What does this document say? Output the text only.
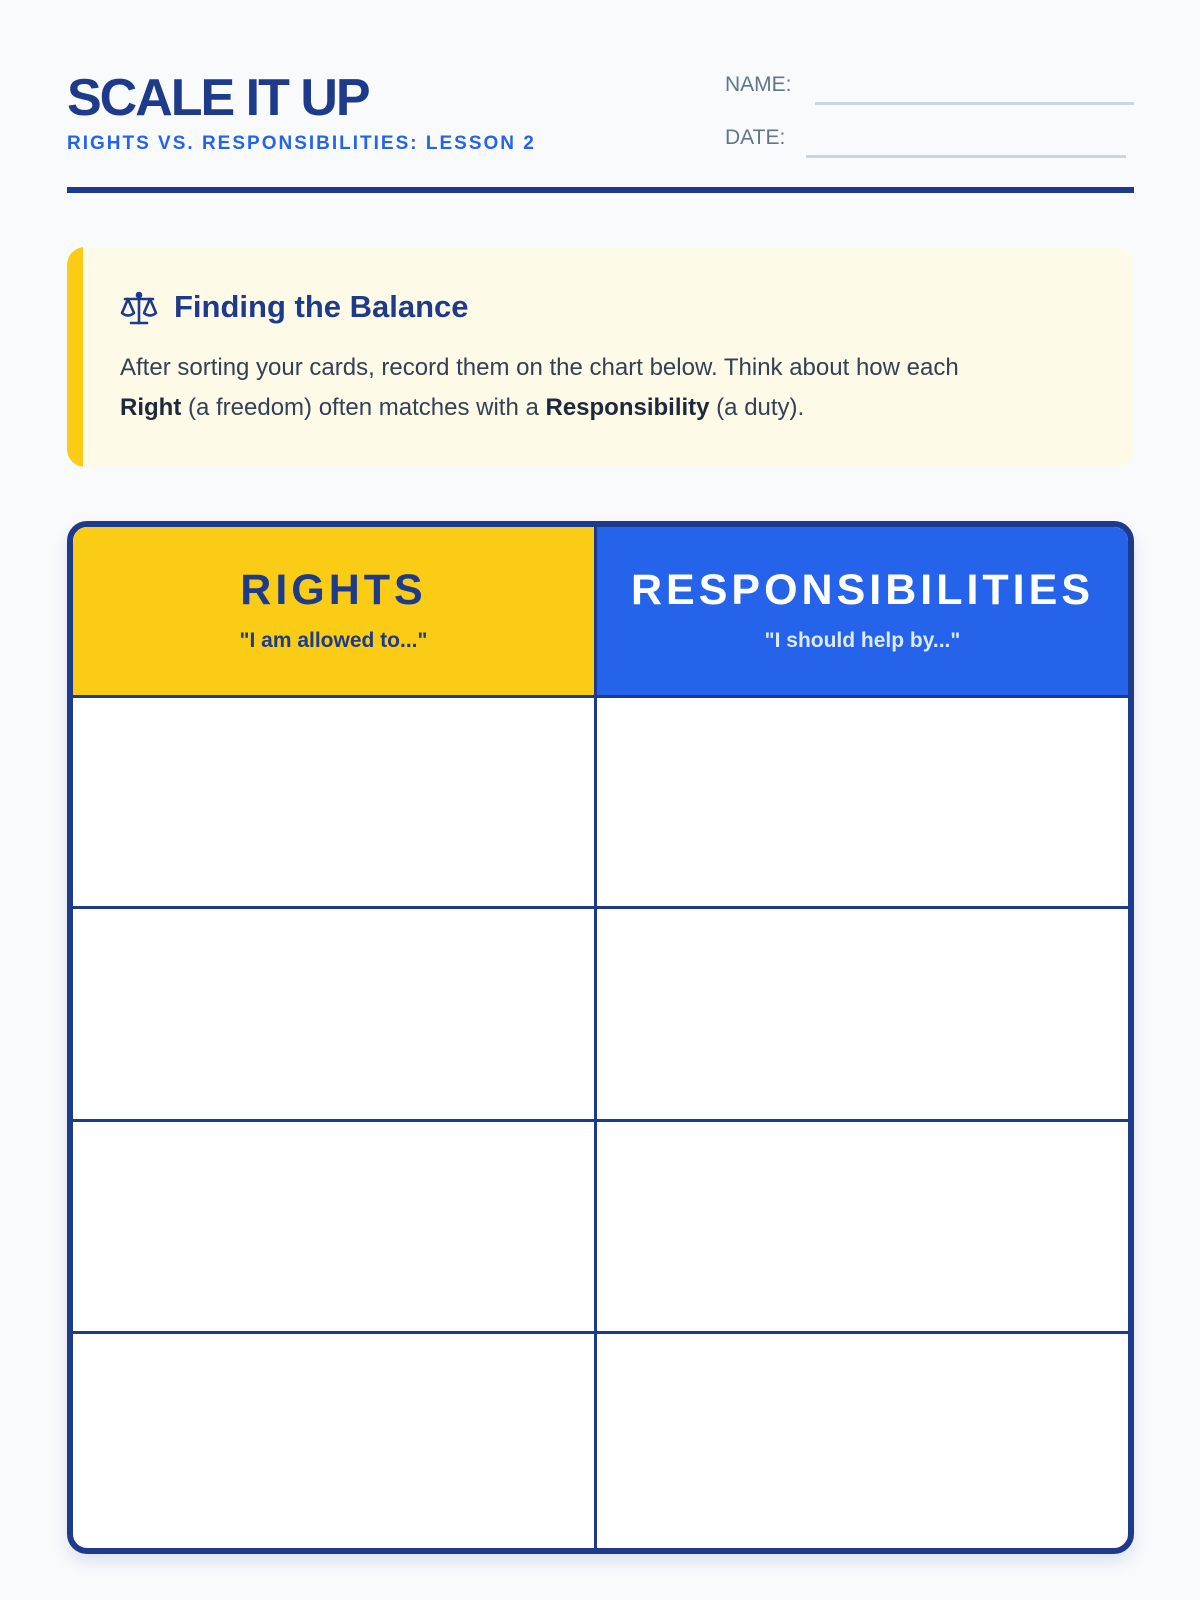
SCALE IT UP
RIGHTS VS. RESPONSIBILITIES: LESSON 2
NAME:
DATE:
Finding the Balance
After sorting your cards, record them on the chart below. Think about how each
Right (a freedom) often matches with a Responsibility (a duty).
RIGHTS
"I am allowed to..."
RESPONSIBILITIES
"I should help by..."
